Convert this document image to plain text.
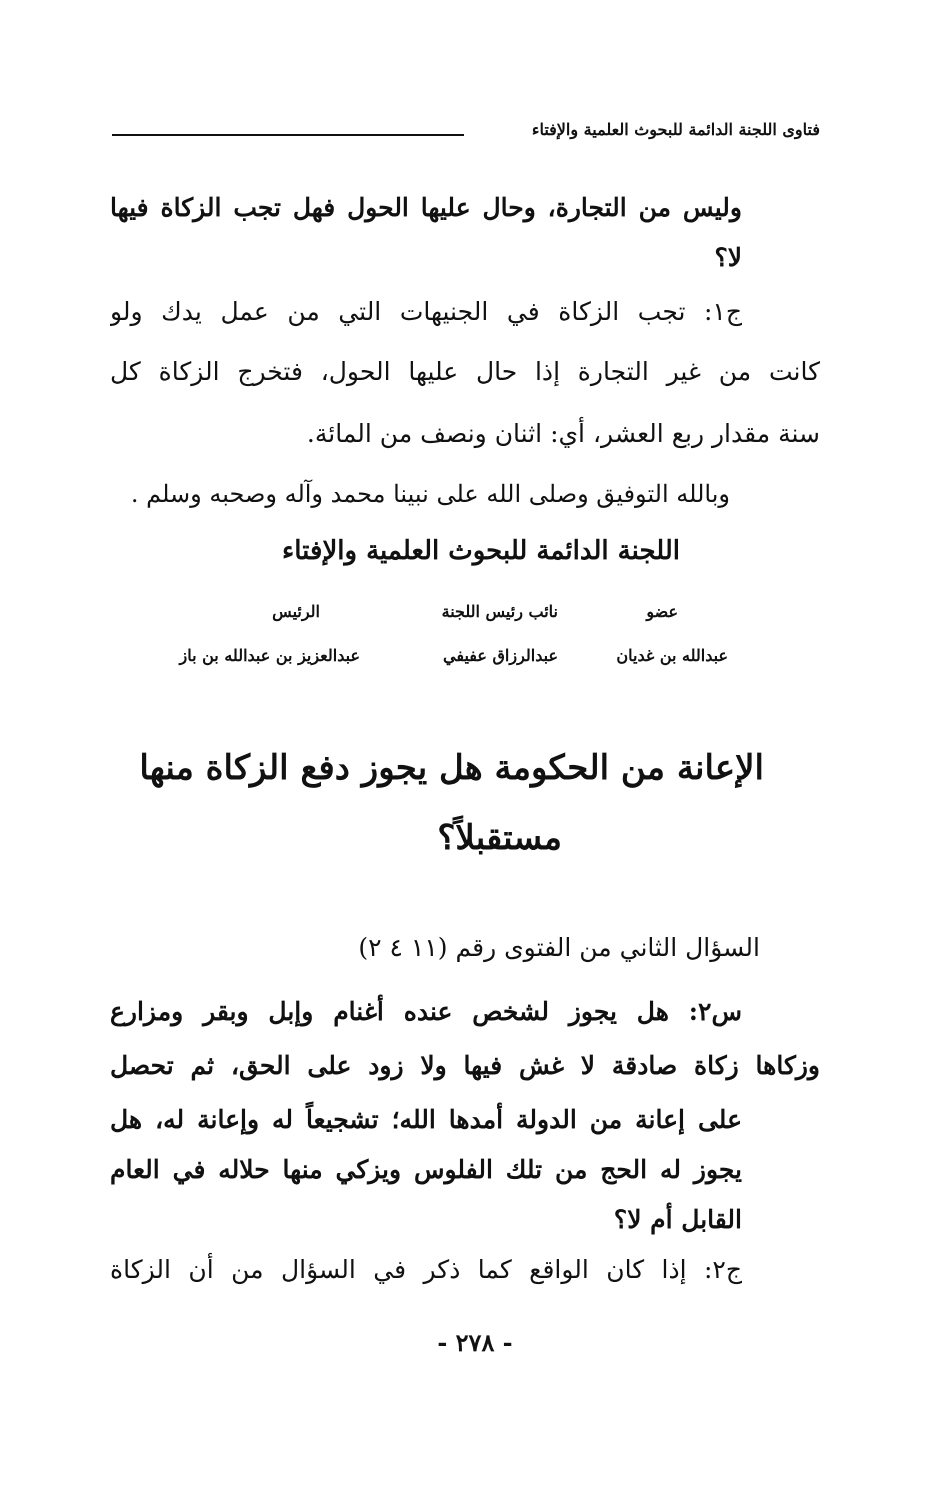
فتاوى اللجنة الدائمة للبحوث العلمية والإفتاء
وليس من التجارة، وحال عليها الحول فهل تجب الزكاة فيها
لا؟
ج١: تجب الزكاة في الجنيهات التي من عمل يدك ولو
كانت من غير التجارة إذا حال عليها الحول، فتخرج الزكاة كل
سنة مقدار ربع العشر، أي: اثنان ونصف من المائة.
وبالله التوفيق وصلى الله على نبينا محمد وآله وصحبه وسلم .
اللجنة الدائمة للبحوث العلمية والإفتاء
عضو
نائب رئيس اللجنة
الرئيس
عبدالله بن غديان
عبدالرزاق عفيفي
عبدالعزيز بن عبدالله بن باز
الإعانة من الحكومة هل يجوز دفع الزكاة منها
مستقبلاً؟
السؤال الثاني من الفتوى رقم (١١ ٤ ٢)
س٢: هل يجوز لشخص عنده أغنام وإبل وبقر ومزارع
وزكاها زكاة صادقة لا غش فيها ولا زود على الحق، ثم تحصل
على إعانة من الدولة أمدها الله؛ تشجيعاً له وإعانة له، هل
يجوز له الحج من تلك الفلوس ويزكي منها حلاله في العام
القابل أم لا؟
ج٢: إذا كان الواقع كما ذكر في السؤال من أن الزكاة
- ٢٧٨ -
